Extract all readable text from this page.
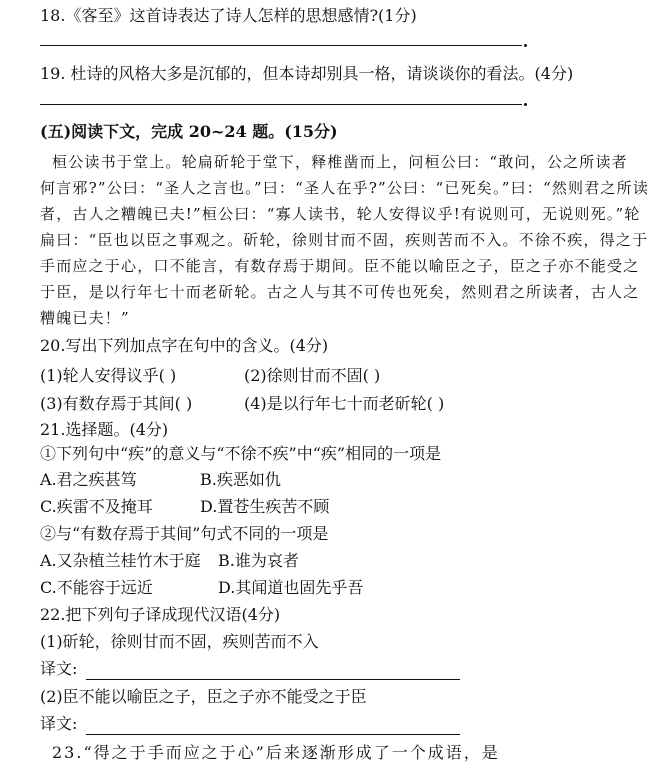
18.《客至》这首诗表达了诗人怎样的思想感情?(1分)
19. 杜诗的风格大多是沉郁的，但本诗却别具一格，请谈谈你的看法。(4分)
(五)阅读下文，完成 20~24 题。(15分)
桓公读书于堂上。轮扁斫轮于堂下，释椎凿而上，问桓公曰：“敢问，公之所读者
何言邪?”公曰：“圣人之言也。”曰：“圣人在乎?”公曰：“已死矣。”曰：“然则君之所读
者，古人之糟魄已夫!”桓公曰：“寡人读书，轮人安得议乎!有说则可，无说则死。”轮
扁曰：“臣也以臣之事观之。斫轮，徐则甘而不固，疾则苦而不入。不徐不疾，得之于
手而应之于心，口不能言，有数存焉于期间。臣不能以喻臣之子，臣之子亦不能受之
于臣，是以行年七十而老斫轮。古之人与其不可传也死矣，然则君之所读者，古人之
糟魄已夫！”
20.写出下列加点字在句中的含义。(4分)
(1)轮人安得议乎( )	(2)徐则甘而不固( )
(3)有数存焉于其间( )	(4)是以行年七十而老斫轮( )
21.选择题。(4分)
①下列句中“疾”的意义与“不徐不疾”中“疾”相同的一项是
A.君之疾甚笃	B.疾恶如仇
C.疾雷不及掩耳	D.置苍生疾苦不顾
②与“有数存焉于其间”句式不同的一项是
A.又杂植兰桂竹木于庭 B.谁为哀者
C.不能容于远近	D.其闻道也固先乎吾
22.把下列句子译成现代汉语(4分)
(1)斫轮，徐则甘而不固，疾则苦而不入
译文:
(2)臣不能以喻臣之子，臣之子亦不能受之于臣
译文:
23.“得之于手而应之于心”后来逐渐形成了一个成语，是
